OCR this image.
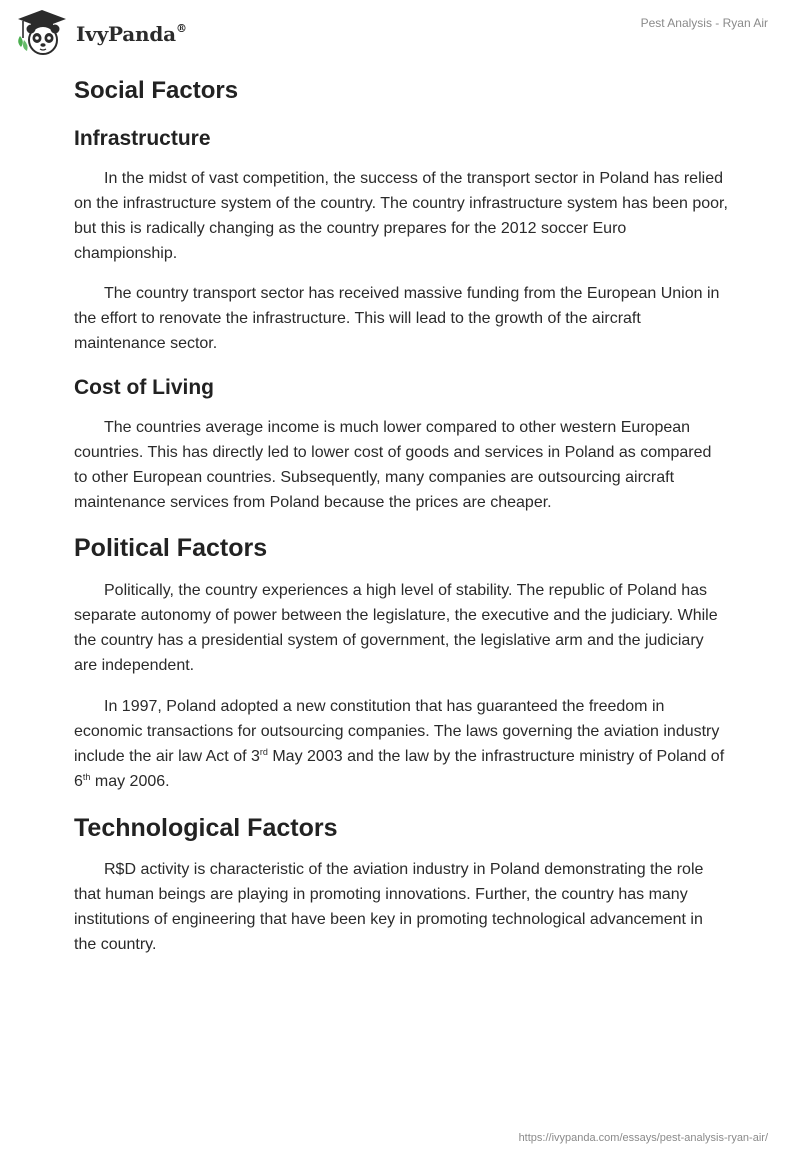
IvyPanda®	Pest Analysis - Ryan Air
Social Factors
Infrastructure

In the midst of vast competition, the success of the transport sector in Poland has relied on the infrastructure system of the country. The country infrastructure system has been poor, but this is radically changing as the country prepares for the 2012 soccer Euro championship.

The country transport sector has received massive funding from the European Union in the effort to renovate the infrastructure. This will lead to the growth of the aircraft maintenance sector.

Cost of Living

The countries average income is much lower compared to other western European countries. This has directly led to lower cost of goods and services in Poland as compared to other European countries. Subsequently, many companies are outsourcing aircraft maintenance services from Poland because the prices are cheaper.

Political Factors

Politically, the country experiences a high level of stability. The republic of Poland has separate autonomy of power between the legislature, the executive and the judiciary. While the country has a presidential system of government, the legislative arm and the judiciary are independent.

In 1997, Poland adopted a new constitution that has guaranteed the freedom in economic transactions for outsourcing companies. The laws governing the aviation industry include the air law Act of 3rd May 2003 and the law by the infrastructure ministry of Poland of 6th may 2006.

Technological Factors

R$D activity is characteristic of the aviation industry in Poland demonstrating the role that human beings are playing in promoting innovations. Further, the country has many institutions of engineering that have been key in promoting technological advancement in the country.

https://ivypanda.com/essays/pest-analysis-ryan-air/
